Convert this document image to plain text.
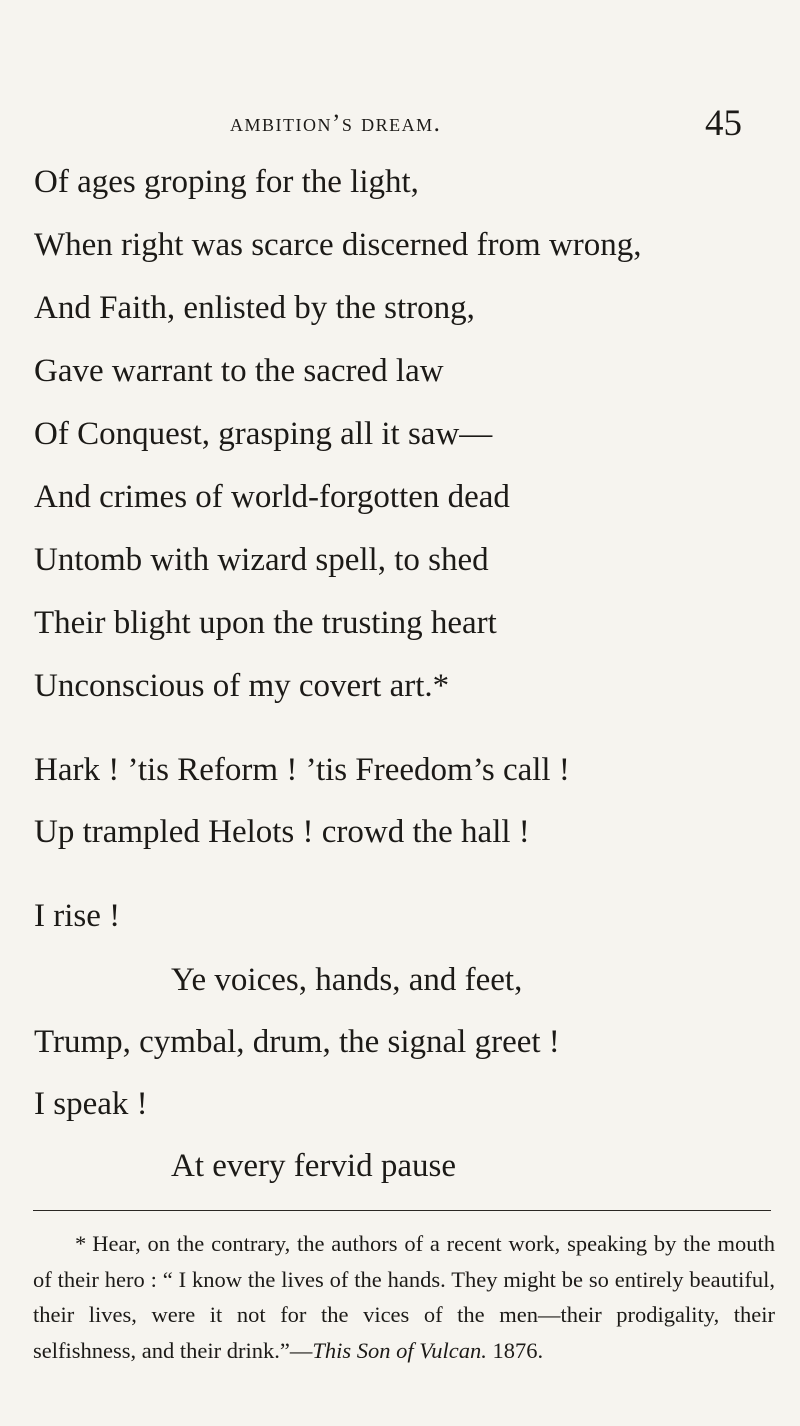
ambition’s dream.	45
Of ages groping for the light,
When right was scarce discerned from wrong,
And Faith, enlisted by the strong,
Gave warrant to the sacred law
Of Conquest, grasping all it saw—
And crimes of world-forgotten dead
Untomb with wizard spell, to shed
Their blight upon the trusting heart
Unconscious of my covert art.*
Hark ! ’tis Reform ! ’tis Freedom’s call !
Up trampled Helots ! crowd the hall !
I rise !
Ye voices, hands, and feet,
Trump, cymbal, drum, the signal greet !
I speak !
At every fervid pause
* Hear, on the contrary, the authors of a recent work, speaking by the mouth of their hero : “ I know the lives of the hands. They might be so entirely beautiful, their lives, were it not for the vices of the men—their prodigality, their selfishness, and their drink.”—This Son of Vulcan. 1876.
